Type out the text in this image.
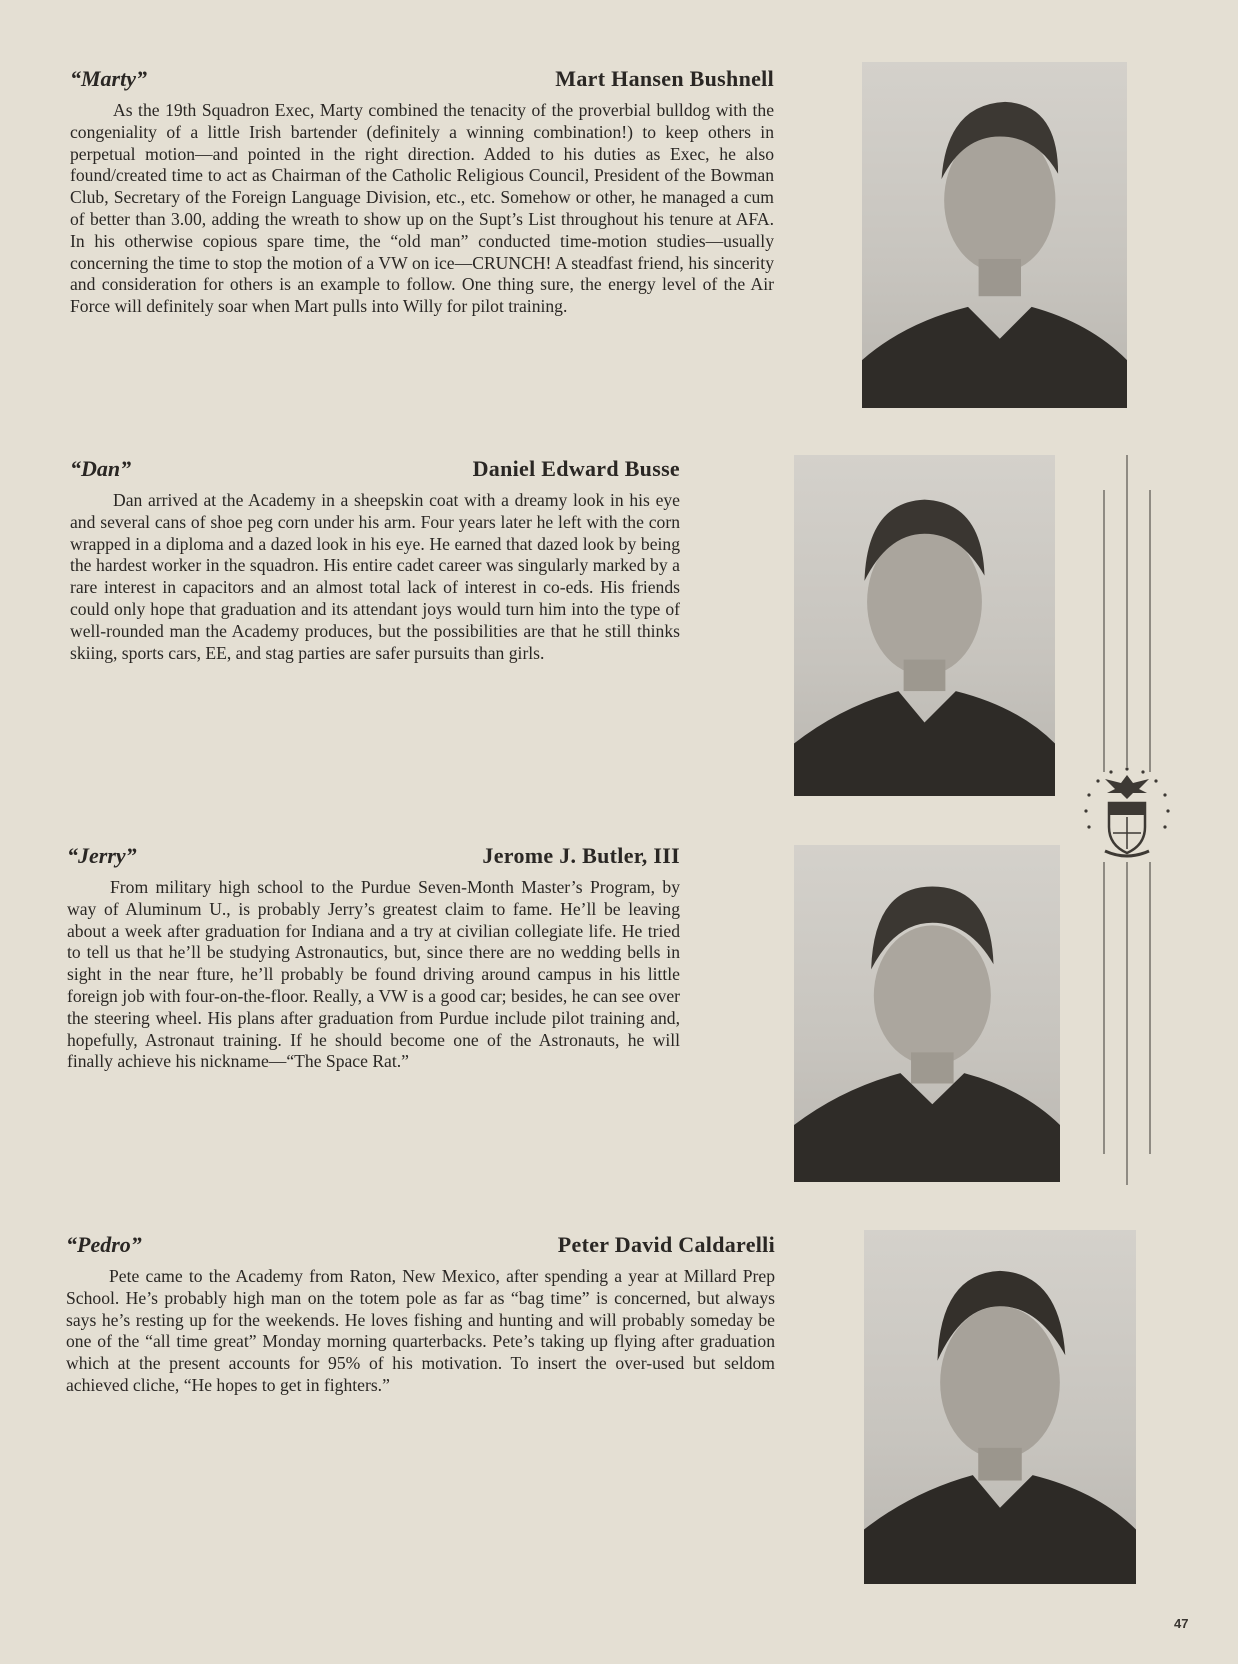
“Marty”	Mart Hansen Bushnell

As the 19th Squadron Exec, Marty combined the tenacity of the proverbial bulldog with the congeniality of a little Irish bartender (definitely a winning combination!) to keep others in perpetual motion—and pointed in the right direction. Added to his duties as Exec, he also found/created time to act as Chairman of the Catholic Religious Council, President of the Bowman Club, Secretary of the Foreign Language Division, etc., etc. Somehow or other, he managed a cum of better than 3.00, adding the wreath to show up on the Supt’s List throughout his tenure at AFA. In his otherwise copious spare time, the “old man” conducted time-motion studies—usually concerning the time to stop the motion of a VW on ice—CRUNCH! A steadfast friend, his sincerity and consideration for others is an example to follow. One thing sure, the energy level of the Air Force will definitely soar when Mart pulls into Willy for pilot training.

“Dan”	Daniel Edward Busse

Dan arrived at the Academy in a sheepskin coat with a dreamy look in his eye and several cans of shoe peg corn under his arm. Four years later he left with the corn wrapped in a diploma and a dazed look in his eye. He earned that dazed look by being the hardest worker in the squadron. His entire cadet career was singularly marked by a rare interest in capacitors and an almost total lack of interest in co-eds. His friends could only hope that graduation and its attendant joys would turn him into the type of well-rounded man the Academy produces, but the possibilities are that he still thinks skiing, sports cars, EE, and stag parties are safer pursuits than girls.

“Jerry”	Jerome J. Butler, III

From military high school to the Purdue Seven-Month Master’s Program, by way of Aluminum U., is probably Jerry’s greatest claim to fame. He’ll be leaving about a week after graduation for Indiana and a try at civilian collegiate life. He tried to tell us that he’ll be studying Astronautics, but, since there are no wedding bells in sight in the near fture, he’ll probably be found driving around campus in his little foreign job with four-on-the-floor. Really, a VW is a good car; besides, he can see over the steering wheel. His plans after graduation from Purdue include pilot training and, hopefully, Astronaut training. If he should become one of the Astronauts, he will finally achieve his nickname—“The Space Rat.”

“Pedro”	Peter David Caldarelli

Pete came to the Academy from Raton, New Mexico, after spending a year at Millard Prep School. He’s probably high man on the totem pole as far as “bag time” is concerned, but always says he’s resting up for the weekends. He loves fishing and hunting and will probably someday be one of the “all time great” Monday morning quarterbacks. Pete’s taking up flying after graduation which at the present accounts for 95% of his motivation. To insert the over-used but seldom achieved cliche, “He hopes to get in fighters.”

47
